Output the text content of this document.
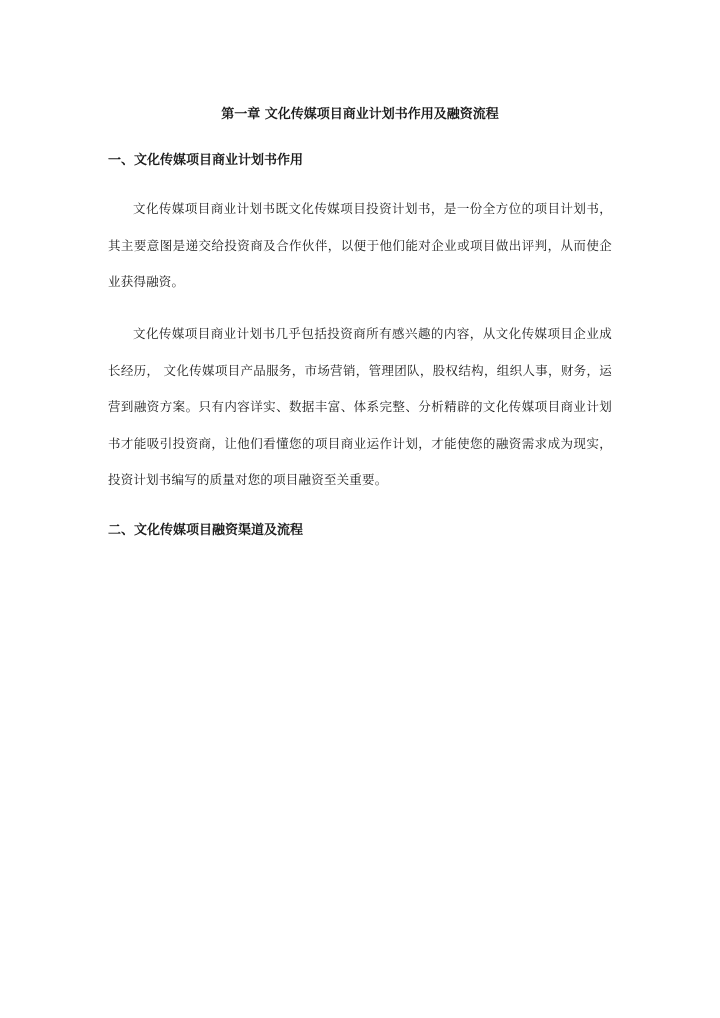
第一章 文化传媒项目商业计划书作用及融资流程
一、文化传媒项目商业计划书作用

文化传媒项目商业计划书既文化传媒项目投资计划书，是一份全方位的项目计划书，其主要意图是递交给投资商及合作伙伴，以便于他们能对企业或项目做出评判，从而使企业获得融资。

文化传媒项目商业计划书几乎包括投资商所有感兴趣的内容，从文化传媒项目企业成长经历， 文化传媒项目产品服务，市场营销，管理团队，股权结构，组织人事，财务，运营到融资方案。只有内容详实、数据丰富、体系完整、分析精辟的文化传媒项目商业计划书才能吸引投资商，让他们看懂您的项目商业运作计划，才能使您的融资需求成为现实，投资计划书编写的质量对您的项目融资至关重要。

二、文化传媒项目融资渠道及流程
